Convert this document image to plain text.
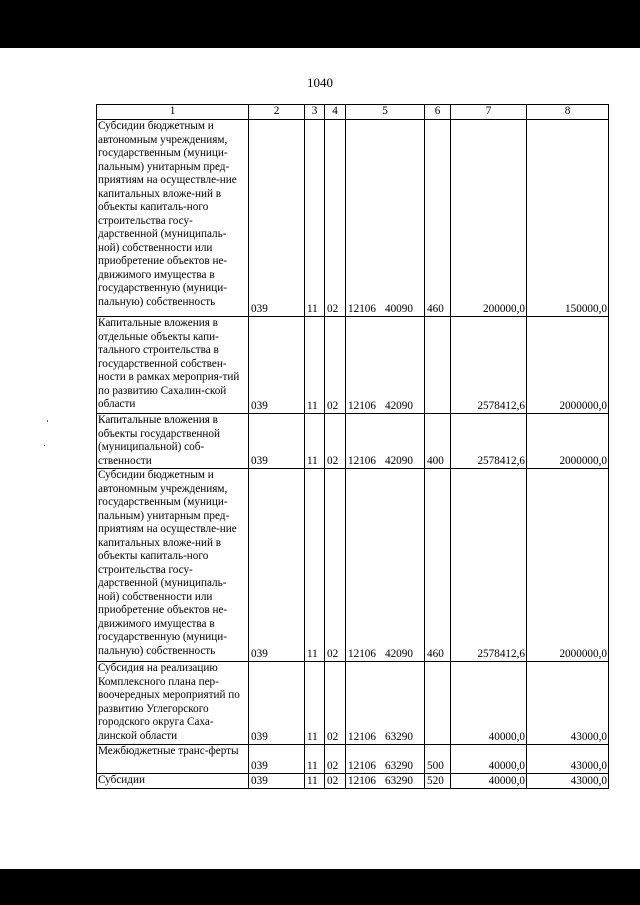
1040
1	2	3	4	5	6	7	8
Субсидии бюджетным и автономным учреждениям, государственным (муници-пальным) унитарным пред-приятиям на осуществле-ние капитальных вложе-ний в объекты капиталь-ного строительства госу-дарственной (муниципаль-ной) собственности или приобретение объектов не-движимого имущества в государственную (муници-пальную) собственность	039	11	02	12106 40090	460	200000,0	150000,0
Капитальные вложения в отдельные объекты капи-тального строительства в государственной собствен-ности в рамках мероприя-тий по развитию Сахалин-ской области	039	11	02	12106 42090		2578412,6	2000000,0
Капитальные вложения в объекты государственной (муниципальной) соб-ственности	039	11	02	12106 42090	400	2578412,6	2000000,0
Субсидии бюджетным и автономным учреждениям, государственным (муници-пальным) унитарным пред-приятиям на осуществле-ние капитальных вложе-ний в объекты капиталь-ного строительства госу-дарственной (муниципаль-ной) собственности или приобретение объектов не-движимого имущества в государственную (муници-пальную) собственность	039	11	02	12106 42090	460	2578412,6	2000000,0
Субсидия на реализацию Комплексного плана пер-воочередных мероприятий по развитию Углегорского городского округа Саха-линской области	039	11	02	12106 63290		40000,0	43000,0
Межбюджетные транс-ферты	039	11	02	12106 63290	500	40000,0	43000,0
Субсидии	039	11	02	12106 63290	520	40000,0	43000,0
